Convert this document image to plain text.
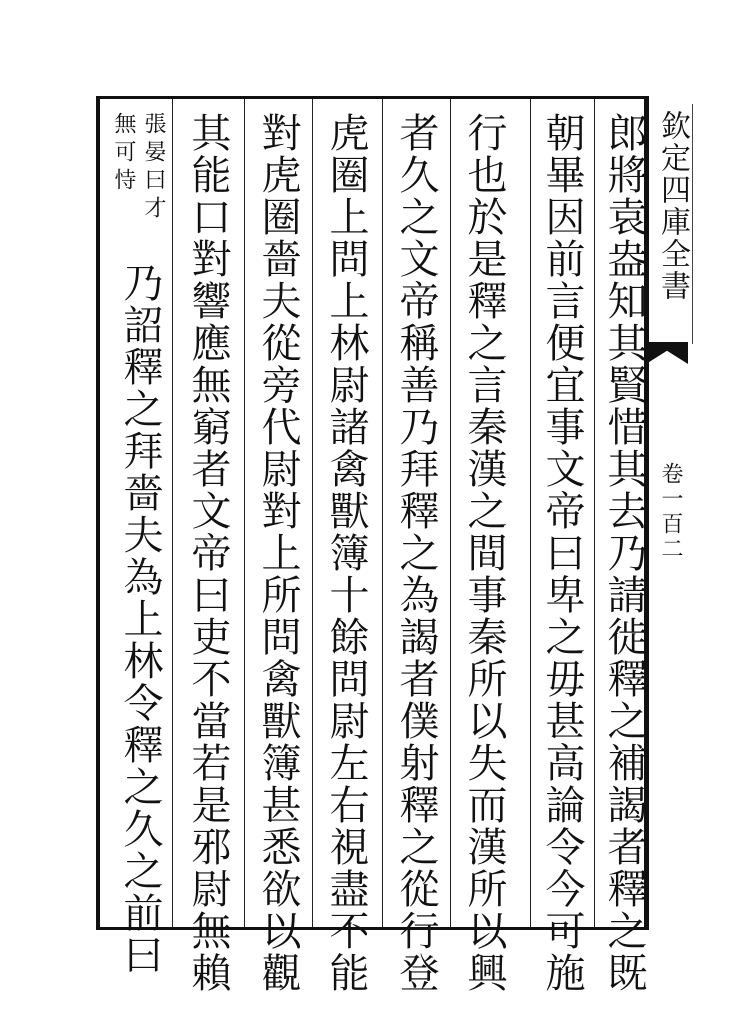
欽定四庫全書
卷一百二
郎將袁盎知其賢惜其去乃請徙釋之補謁者釋之既
朝畢因前言便宜事文帝曰卑之毋甚高論令今可施
行也於是釋之言秦漢之間事秦所以失而漢所以興
者久之文帝稱善乃拜釋之為謁者僕射釋之從行登
虎圈上問上林尉諸禽獸簿十餘問尉左右視盡不能
對虎圈嗇夫從旁代尉對上所問禽獸簿甚悉欲以觀
其能口對響應無窮者文帝曰吏不當若是邪尉無賴
張晏曰才
無可恃
乃詔釋之拜嗇夫為上林令釋之久之前曰
